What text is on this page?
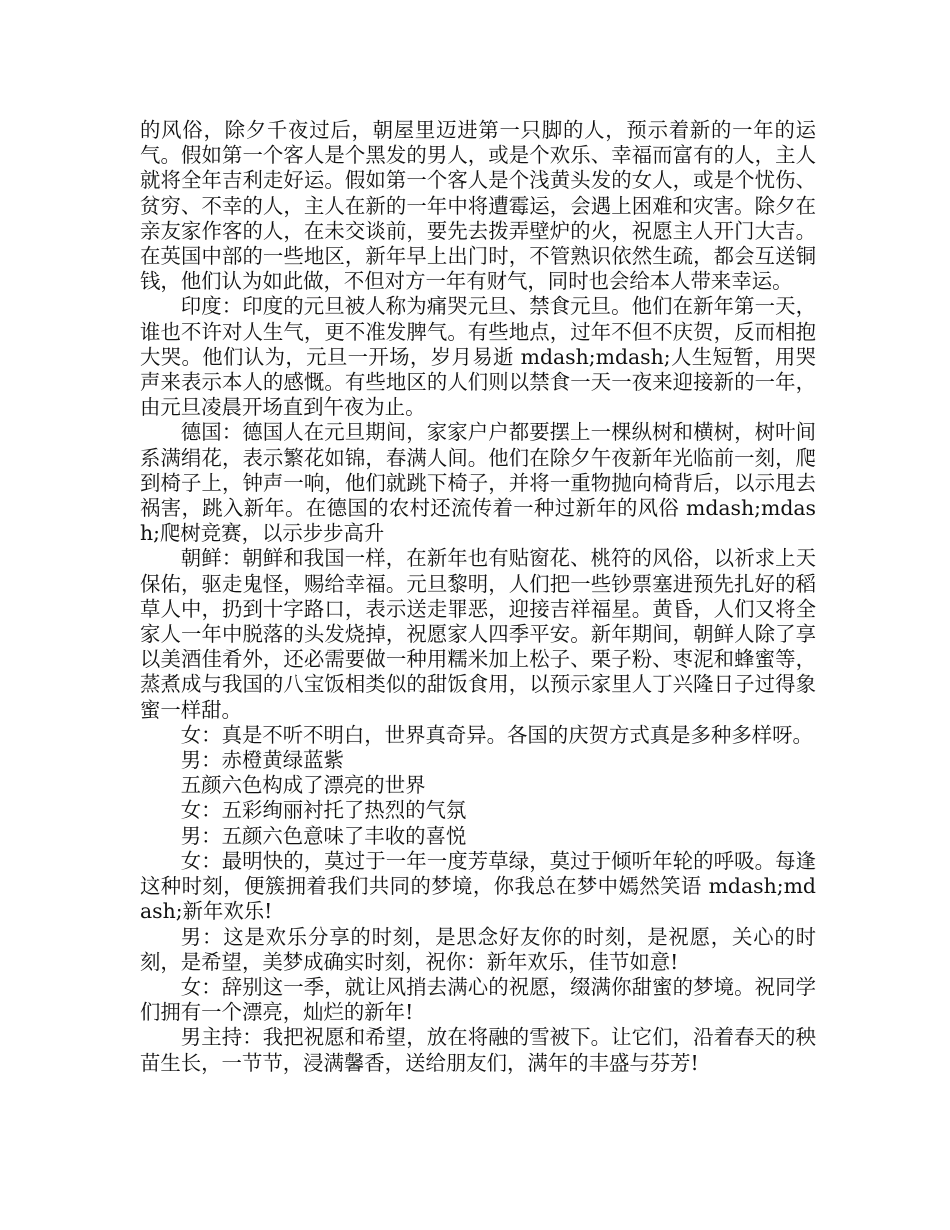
的风俗，除夕千夜过后，朝屋里迈进第一只脚的人，预示着新的一年的运气。假如第一个客人是个黑发的男人，或是个欢乐、幸福而富有的人，主人就将全年吉利走好运。假如第一个客人是个浅黄头发的女人，或是个忧伤、贫穷、不幸的人，主人在新的一年中将遭霉运，会遇上困难和灾害。除夕在亲友家作客的人，在未交谈前，要先去拨弄壁炉的火，祝愿主人开门大吉。在英国中部的一些地区，新年早上出门时，不管熟识依然生疏，都会互送铜钱，他们认为如此做，不但对方一年有财气，同时也会给本人带来幸运。

印度：印度的元旦被人称为痛哭元旦、禁食元旦。他们在新年第一天，谁也不许对人生气，更不准发脾气。有些地点，过年不但不庆贺，反而相抱大哭。他们认为，元旦一开场，岁月易逝 mdash;mdash;人生短暂，用哭声来表示本人的感慨。有些地区的人们则以禁食一天一夜来迎接新的一年，由元旦凌晨开场直到午夜为止。

德国：德国人在元旦期间，家家户户都要摆上一棵纵树和横树，树叶间系满绢花，表示繁花如锦，春满人间。他们在除夕午夜新年光临前一刻，爬到椅子上，钟声一响，他们就跳下椅子，并将一重物抛向椅背后，以示甩去祸害，跳入新年。在德国的农村还流传着一种过新年的风俗 mdash;mdash;爬树竞赛，以示步步高升

朝鲜：朝鲜和我国一样，在新年也有贴窗花、桃符的风俗，以祈求上天保佑，驱走鬼怪，赐给幸福。元旦黎明，人们把一些钞票塞进预先扎好的稻草人中，扔到十字路口，表示送走罪恶，迎接吉祥福星。黄昏，人们又将全家人一年中脱落的头发烧掉，祝愿家人四季平安。新年期间，朝鲜人除了享以美酒佳肴外，还必需要做一种用糯米加上松子、栗子粉、枣泥和蜂蜜等，蒸煮成与我国的八宝饭相类似的甜饭食用，以预示家里人丁兴隆日子过得象蜜一样甜。

女：真是不听不明白，世界真奇异。各国的庆贺方式真是多种多样呀。

男：赤橙黄绿蓝紫

五颜六色构成了漂亮的世界

女：五彩绚丽衬托了热烈的气氛

男：五颜六色意味了丰收的喜悦

女：最明快的，莫过于一年一度芳草绿，莫过于倾听年轮的呼吸。每逢这种时刻，便簇拥着我们共同的梦境，你我总在梦中嫣然笑语 mdash;mdash;新年欢乐!

男：这是欢乐分享的时刻，是思念好友你的时刻，是祝愿，关心的时刻，是希望，美梦成确实时刻，祝你：新年欢乐，佳节如意!

女：辞别这一季，就让风捎去满心的祝愿，缀满你甜蜜的梦境。祝同学们拥有一个漂亮，灿烂的新年!

男主持：我把祝愿和希望，放在将融的雪被下。让它们，沿着春天的秧苗生长，一节节，浸满馨香，送给朋友们，满年的丰盛与芬芳!
